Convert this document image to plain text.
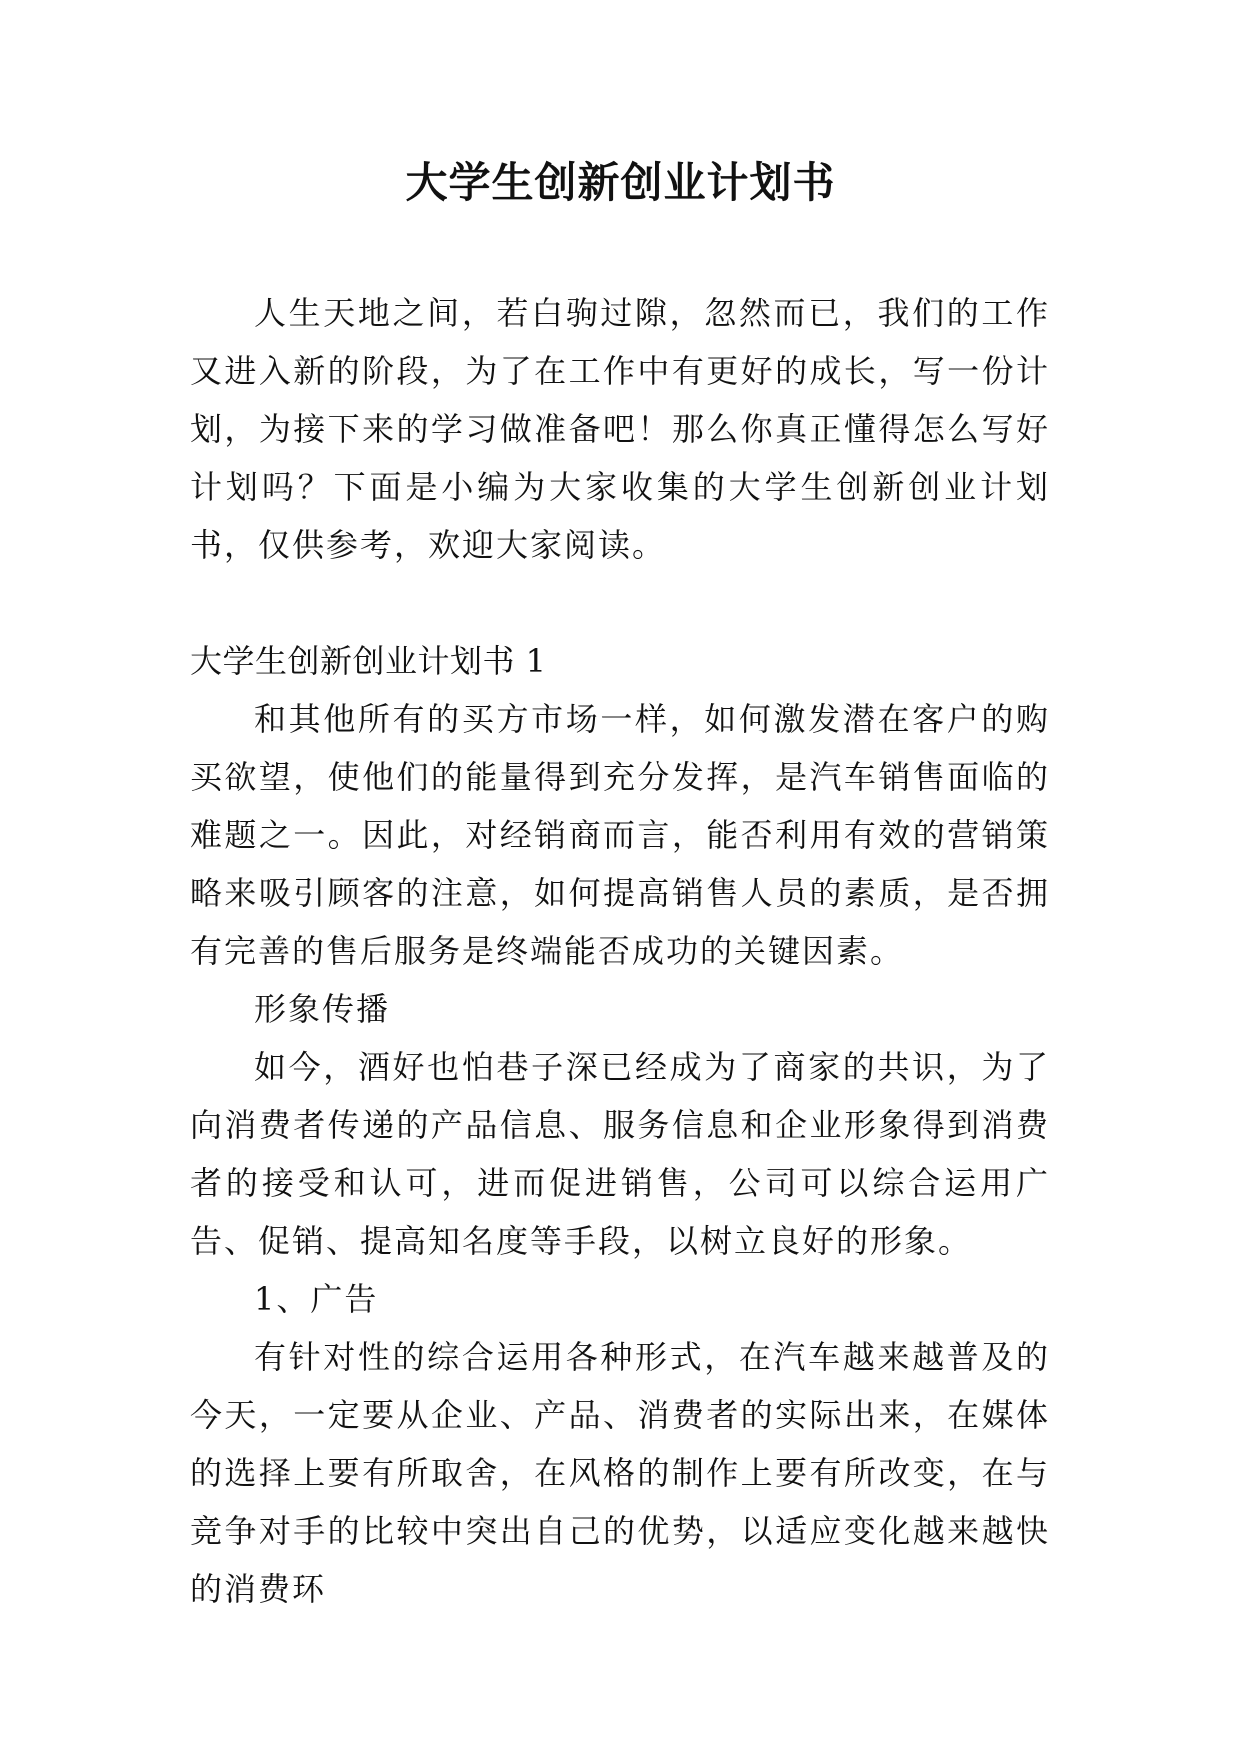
大学生创新创业计划书

人生天地之间，若白驹过隙，忽然而已，我们的工作又进入新的阶段，为了在工作中有更好的成长，写一份计划，为接下来的学习做准备吧！那么你真正懂得怎么写好计划吗？下面是小编为大家收集的大学生创新创业计划书，仅供参考，欢迎大家阅读。

大学生创新创业计划书 1

和其他所有的买方市场一样，如何激发潜在客户的购买欲望，使他们的能量得到充分发挥，是汽车销售面临的难题之一。因此，对经销商而言，能否利用有效的营销策略来吸引顾客的注意，如何提高销售人员的素质，是否拥有完善的售后服务是终端能否成功的关键因素。

形象传播

如今，酒好也怕巷子深已经成为了商家的共识，为了向消费者传递的产品信息、服务信息和企业形象得到消费者的接受和认可，进而促进销售，公司可以综合运用广告、促销、提高知名度等手段，以树立良好的形象。

1、广告

有针对性的综合运用各种形式，在汽车越来越普及的今天，一定要从企业、产品、消费者的实际出来，在媒体的选择上要有所取舍，在风格的制作上要有所改变，在与竞争对手的比较中突出自己的优势，以适应变化越来越快的消费环
